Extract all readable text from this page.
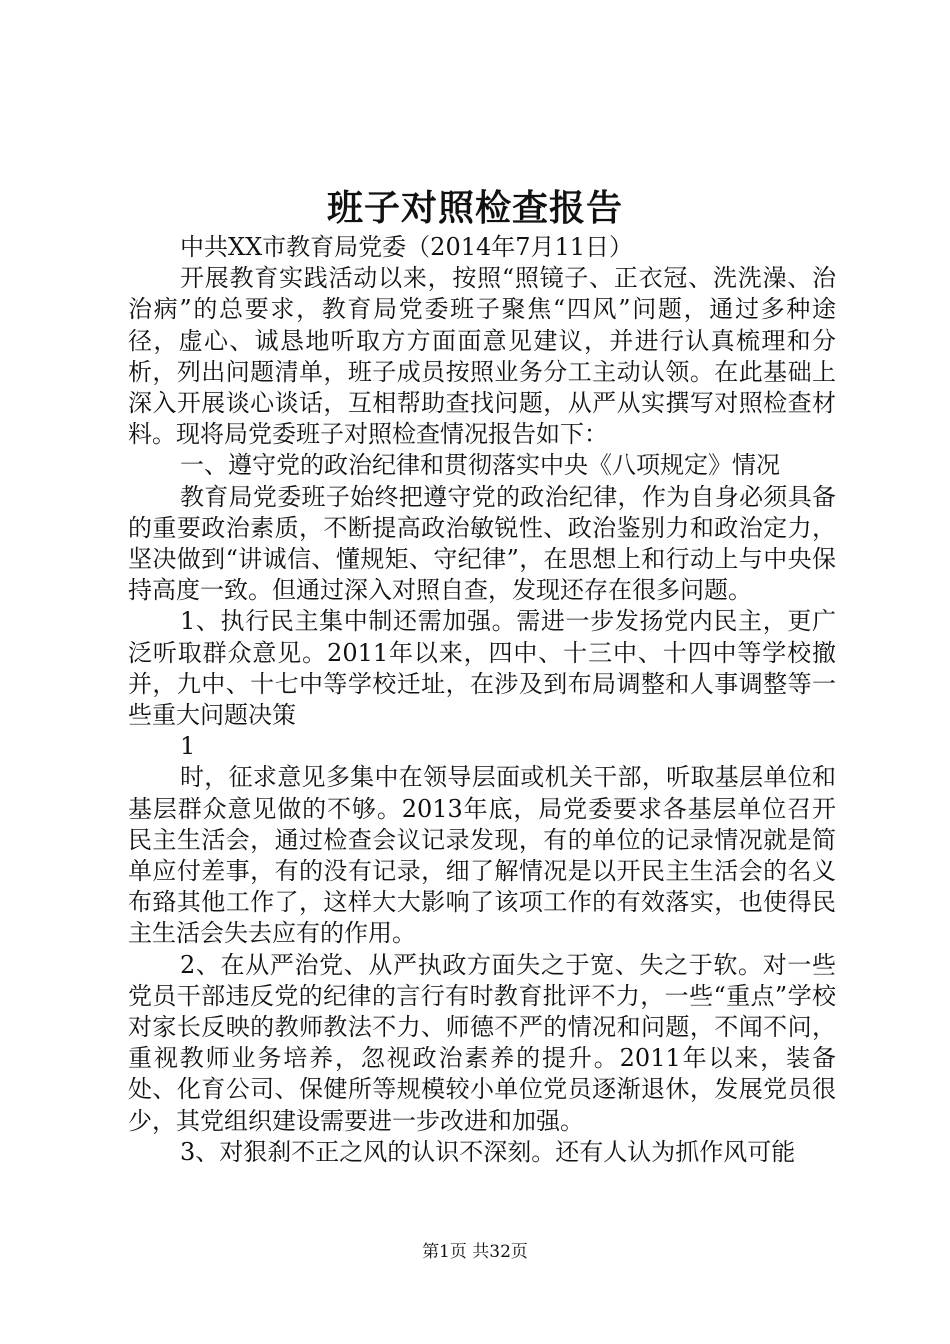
班子对照检查报告

中共XX市教育局党委（2014年7月11日）

开展教育实践活动以来，按照“照镜子、正衣冠、洗洗澡、治治病”的总要求，教育局党委班子聚焦“四风”问题，通过多种途径，虚心、诚恳地听取方方面面意见建议，并进行认真梳理和分析，列出问题清单，班子成员按照业务分工主动认领。在此基础上深入开展谈心谈话，互相帮助查找问题，从严从实撰写对照检查材料。现将局党委班子对照检查情况报告如下：

一、遵守党的政治纪律和贯彻落实中央《八项规定》情况

教育局党委班子始终把遵守党的政治纪律，作为自身必须具备的重要政治素质，不断提高政治敏锐性、政治鉴别力和政治定力，坚决做到“讲诚信、懂规矩、守纪律”，在思想上和行动上与中央保持高度一致。但通过深入对照自查，发现还存在很多问题。

1、执行民主集中制还需加强。需进一步发扬党内民主，更广泛听取群众意见。2011年以来，四中、十三中、十四中等学校撤并，九中、十七中等学校迁址，在涉及到布局调整和人事调整等一些重大问题决策

1

时，征求意见多集中在领导层面或机关干部，听取基层单位和基层群众意见做的不够。2013年底，局党委要求各基层单位召开民主生活会，通过检查会议记录发现，有的单位的记录情况就是简单应付差事，有的没有记录，细了解情况是以开民主生活会的名义布臵其他工作了，这样大大影响了该项工作的有效落实，也使得民主生活会失去应有的作用。

2、在从严治党、从严执政方面失之于宽、失之于软。对一些党员干部违反党的纪律的言行有时教育批评不力，一些“重点”学校对家长反映的教师教法不力、师德不严的情况和问题，不闻不问，重视教师业务培养，忽视政治素养的提升。2011年以来，装备处、化育公司、保健所等规模较小单位党员逐渐退休，发展党员很少，其党组织建设需要进一步改进和加强。

3、对狠刹不正之风的认识不深刻。还有人认为抓作风可能

第1页 共32页
